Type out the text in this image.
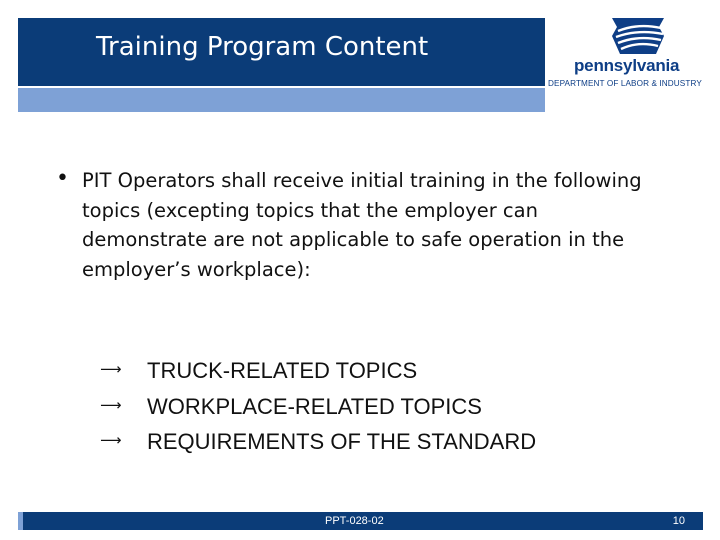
Training Program Content
pennsylvania
DEPARTMENT OF LABOR & INDUSTRY
• PIT Operators shall receive initial training in the following topics (excepting topics that the employer can demonstrate are not applicable to safe operation in the employer’s workplace):
⟶ TRUCK-RELATED TOPICS
⟶ WORKPLACE-RELATED TOPICS
⟶ REQUIREMENTS OF THE STANDARD
PPT-028-02	10
